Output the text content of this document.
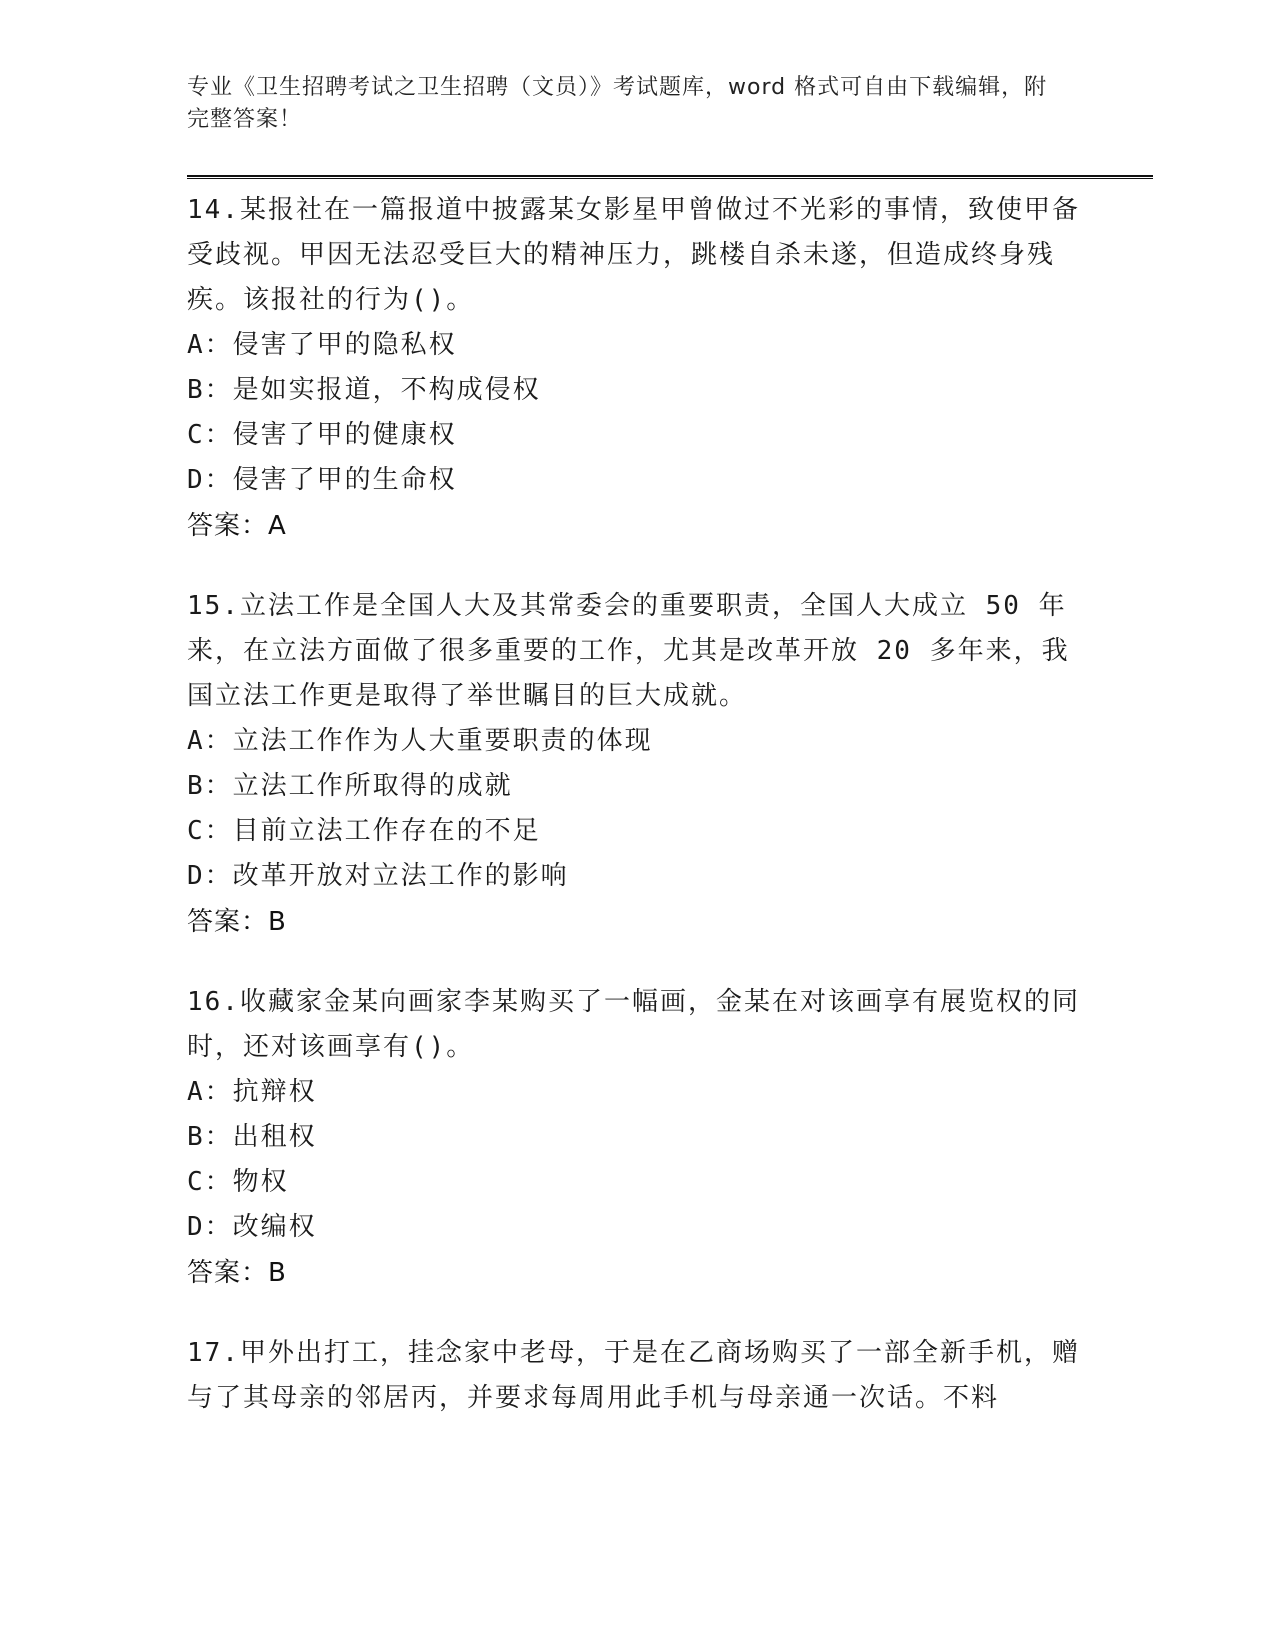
专业《卫生招聘考试之卫生招聘（文员）》考试题库，word 格式可自由下载编辑，附完整答案！

14.某报社在一篇报道中披露某女影星甲曾做过不光彩的事情，致使甲备受歧视。甲因无法忍受巨大的精神压力，跳楼自杀未遂，但造成终身残疾。该报社的行为()。

A： 侵害了甲的隐私权
B： 是如实报道，不构成侵权
C： 侵害了甲的健康权
D： 侵害了甲的生命权

答案：A

15.立法工作是全国人大及其常委会的重要职责，全国人大成立 50 年来，在立法方面做了很多重要的工作，尤其是改革开放 20 多年来，我国立法工作更是取得了举世瞩目的巨大成就。

A： 立法工作作为人大重要职责的体现
B： 立法工作所取得的成就
C： 目前立法工作存在的不足
D： 改革开放对立法工作的影响

答案：B

16.收藏家金某向画家李某购买了一幅画，金某在对该画享有展览权的同时，还对该画享有()。

A： 抗辩权
B： 出租权
C： 物权
D： 改编权

答案：B

17.甲外出打工，挂念家中老母，于是在乙商场购买了一部全新手机，赠与了其母亲的邻居丙，并要求每周用此手机与母亲通一次话。不料
